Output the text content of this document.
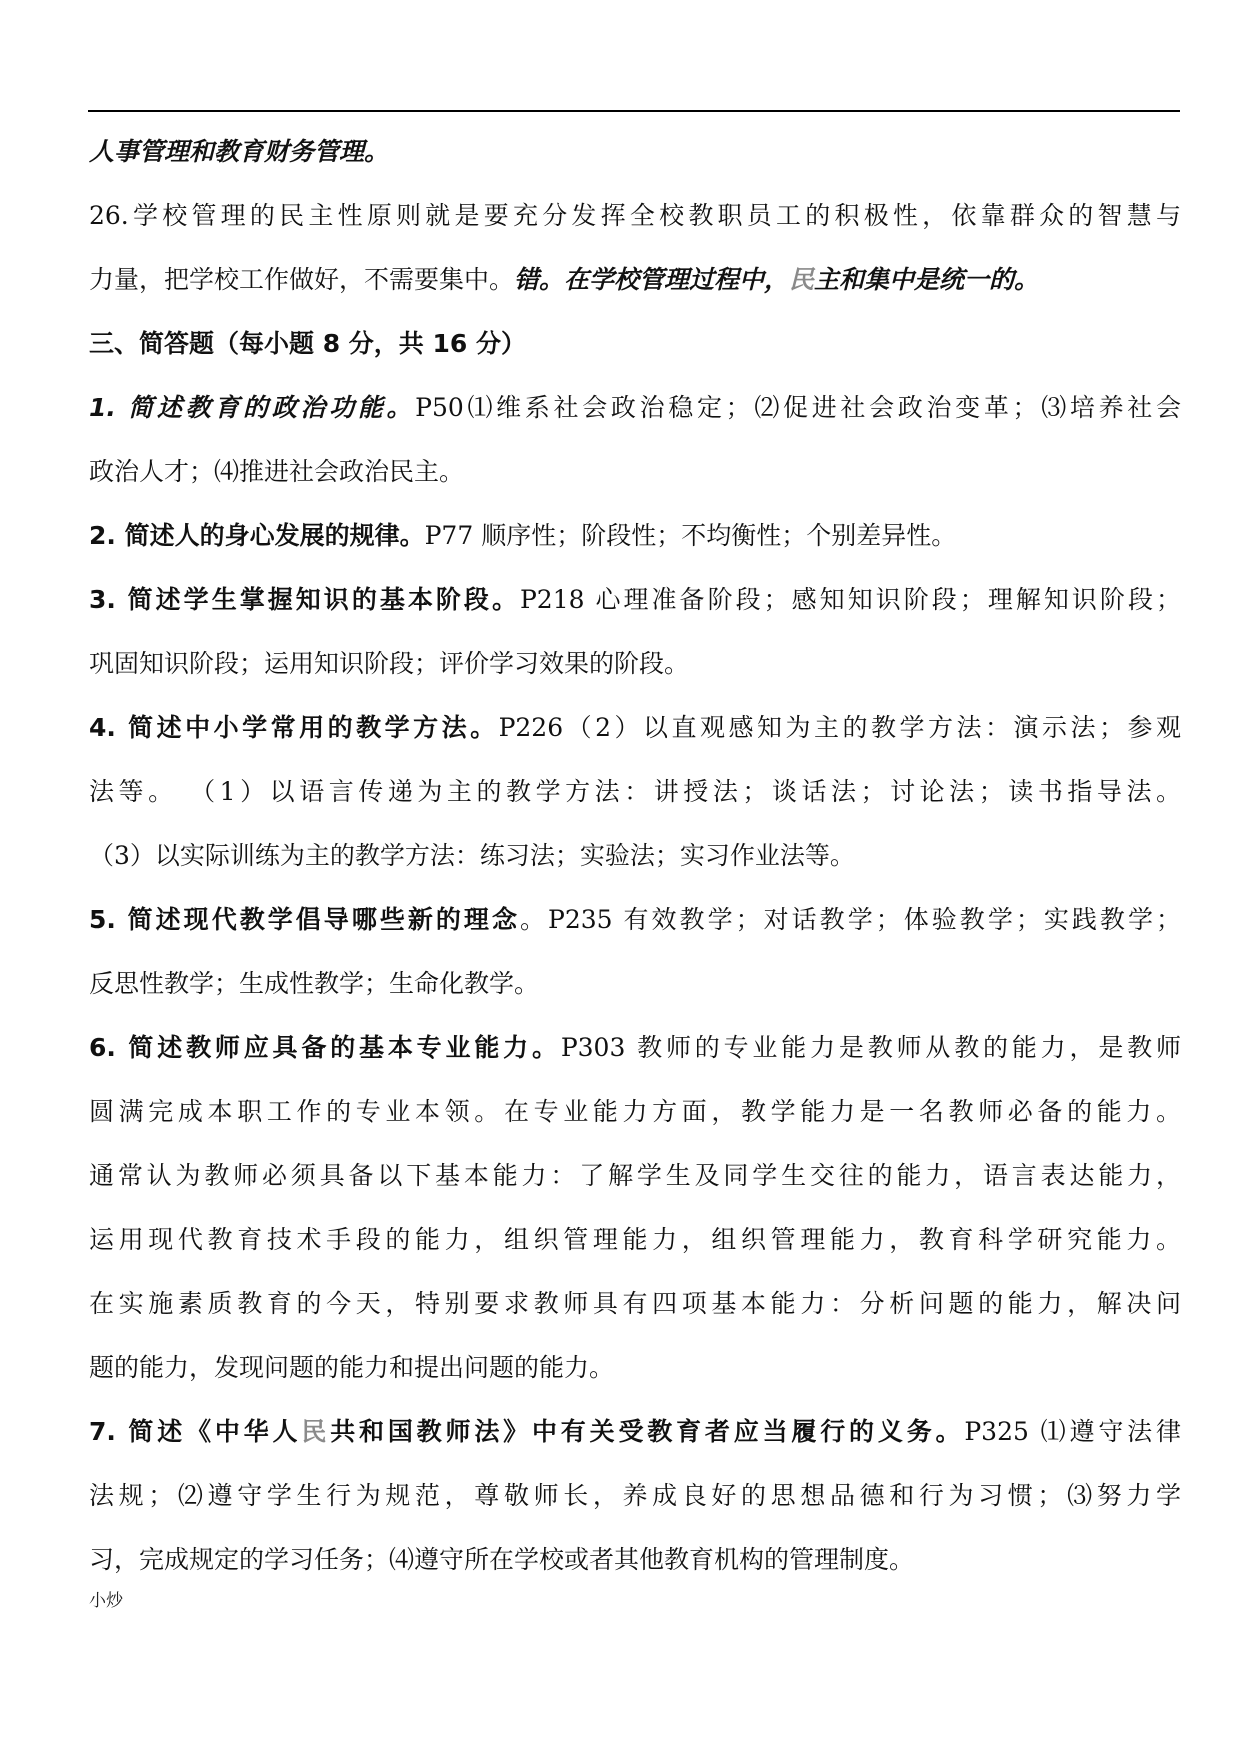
人事管理和教育财务管理。

26.学校管理的民主性原则就是要充分发挥全校教职员工的积极性，依靠群众的智慧与

力量，把学校工作做好，不需要集中。错。在学校管理过程中，民主和集中是统一的。

三、简答题（每小题 8 分，共 16 分）

1. 简述教育的政治功能。P50⑴维系社会政治稳定；⑵促进社会政治变革；⑶培养社会

政治人才；⑷推进社会政治民主。

2. 简述人的身心发展的规律。P77 顺序性；阶段性；不均衡性；个别差异性。

3. 简述学生掌握知识的基本阶段。P218 心理准备阶段；感知知识阶段；理解知识阶段；

巩固知识阶段；运用知识阶段；评价学习效果的阶段。

4. 简述中小学常用的教学方法。P226（2）以直观感知为主的教学方法：演示法；参观

法等。 （1）以语言传递为主的教学方法：讲授法；谈话法；讨论法；读书指导法。

（3）以实际训练为主的教学方法：练习法；实验法；实习作业法等。

5. 简述现代教学倡导哪些新的理念。P235 有效教学；对话教学；体验教学；实践教学；

反思性教学；生成性教学；生命化教学。

6. 简述教师应具备的基本专业能力。P303 教师的专业能力是教师从教的能力，是教师

圆满完成本职工作的专业本领。在专业能力方面，教学能力是一名教师必备的能力。

通常认为教师必须具备以下基本能力：了解学生及同学生交往的能力，语言表达能力，

运用现代教育技术手段的能力，组织管理能力，组织管理能力，教育科学研究能力。

在实施素质教育的今天，特别要求教师具有四项基本能力：分析问题的能力，解决问

题的能力，发现问题的能力和提出问题的能力。

7. 简述《中华人民共和国教师法》中有关受教育者应当履行的义务。P325 ⑴遵守法律

法规；⑵遵守学生行为规范，尊敬师长，养成良好的思想品德和行为习惯；⑶努力学

习，完成规定的学习任务；⑷遵守所在学校或者其他教育机构的管理制度。

小炒
